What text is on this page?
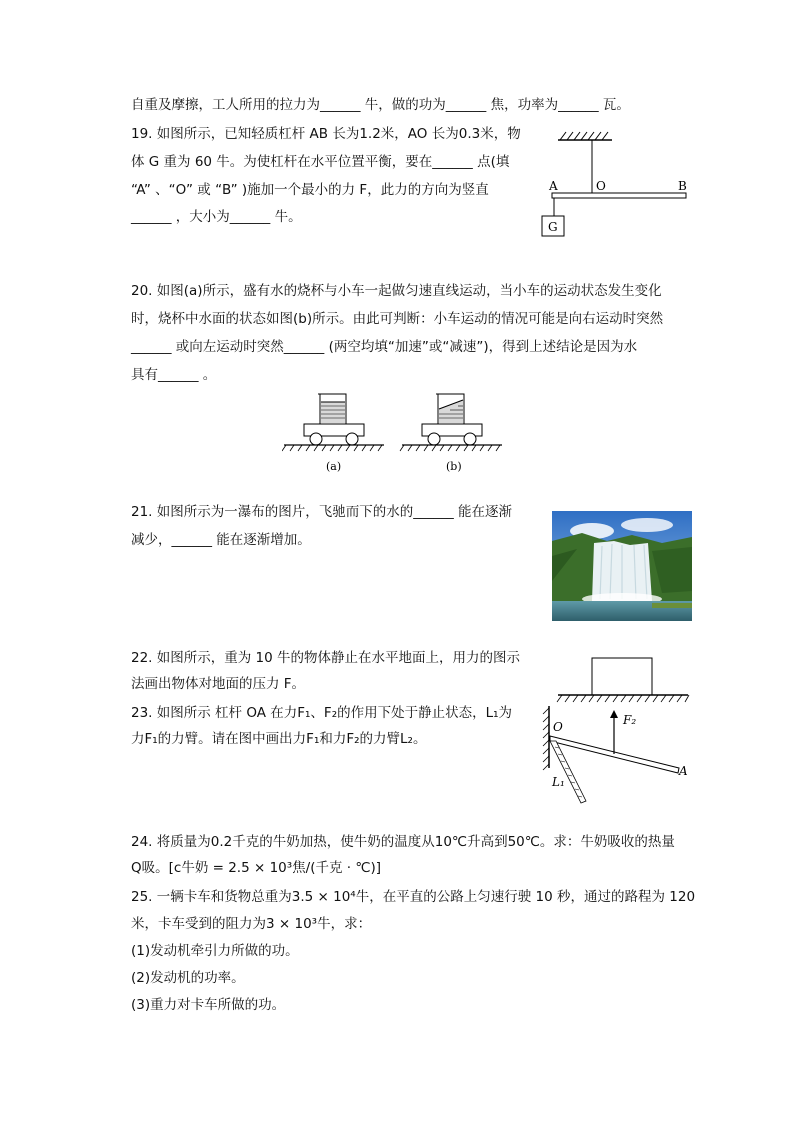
自重及摩擦，工人所用的拉力为______ 牛，做的功为______ 焦，功率为______ 瓦。
19. 如图所示，已知轻质杠杆 AB 长为1.2米，AO 长为0.3米，物
体 G 重为 60 牛。为使杠杆在水平位置平衡，要在______ 点(填
“A” 、“O” 或 “B” )施加一个最小的力 F，此力的方向为竖直
______ ，大小为______ 牛。
A	O	B
G
20. 如图(a)所示，盛有水的烧杯与小车一起做匀速直线运动，当小车的运动状态发生变化
时，烧杯中水面的状态如图(b)所示。由此可判断：小车运动的情况可能是向右运动时突然
______ 或向左运动时突然______ (两空均填“加速”或“减速”)，得到上述结论是因为水
具有______ 。
(a)	(b)
21. 如图所示为一瀑布的图片，飞驰而下的水的______ 能在逐渐
减少，______ 能在逐渐增加。
22. 如图所示，重为 10 牛的物体静止在水平地面上，用力的图示
法画出物体对地面的压力 F。
23. 如图所示 杠杆 OA 在力F₁、F₂的作用下处于静止状态，L₁为
力F₁的力臂。请在图中画出力F₁和力F₂的力臂L₂。
O	F₂
A
L₁
24. 将质量为0.2千克的牛奶加热，使牛奶的温度从10℃升高到50℃。求：牛奶吸收的热量
Q吸。[c牛奶 = 2.5 × 10³焦/(千克 · ℃)]
25. 一辆卡车和货物总重为3.5 × 10⁴牛，在平直的公路上匀速行驶 10 秒，通过的路程为 120
米，卡车受到的阻力为3 × 10³牛，求：
(1)发动机牵引力所做的功。
(2)发动机的功率。
(3)重力对卡车所做的功。
